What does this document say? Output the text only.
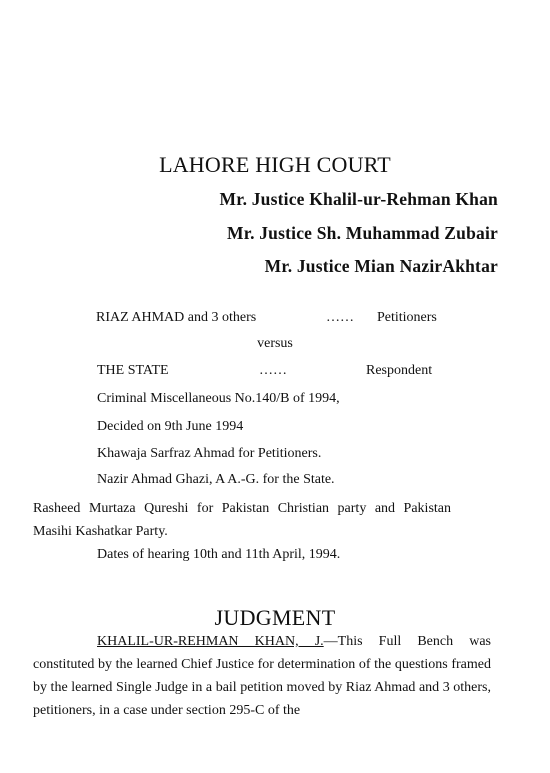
LAHORE HIGH COURT
Mr. Justice Khalil-ur-Rehman Khan
Mr. Justice Sh. Muhammad Zubair
Mr. Justice Mian NazirAkhtar
RIAZ AHMAD and 3 others	…… Petitioners
versus
THE STATE	……	Respondent
Criminal Miscellaneous No.140/B of 1994,
Decided on 9th June 1994
Khawaja Sarfraz Ahmad for Petitioners.
Nazir Ahmad Ghazi, A A.-G. for the State.
Rasheed Murtaza Qureshi for Pakistan Christian party and Pakistan Masihi Kashatkar Party.
Dates of hearing 10th and 11th April, 1994.
JUDGMENT
KHALIL-UR-REHMAN KHAN, J.—This Full Bench was constituted by the learned Chief Justice for determination of the questions framed by the learned Single Judge in a bail petition moved by Riaz Ahmad and 3 others, petitioners, in a case under section 295-C of the
